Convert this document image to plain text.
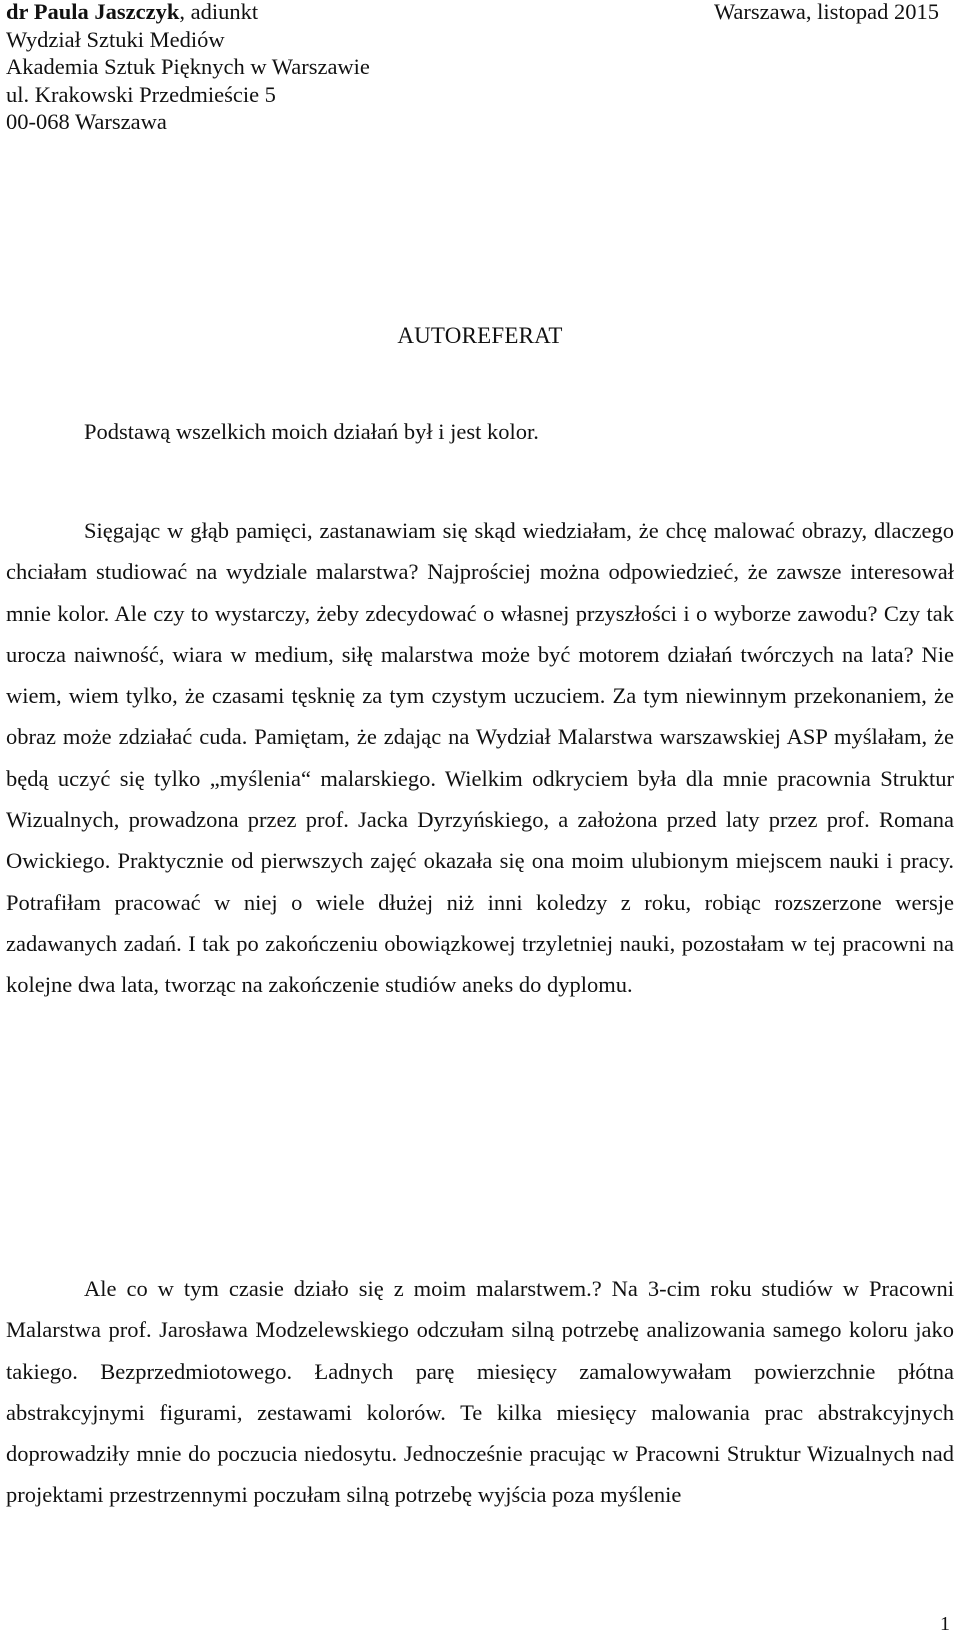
dr Paula Jaszczyk, adiunkt
Wydział Sztuki Mediów
Akademia Sztuk Pięknych w Warszawie
ul. Krakowski Przedmieście 5
00-068 Warszawa
Warszawa, listopad 2015
AUTOREFERAT
Podstawą wszelkich moich działań był i jest kolor.

Sięgając w głąb pamięci, zastanawiam się skąd wiedziałam, że chcę malować obrazy, dlaczego chciałam studiować na wydziale malarstwa? Najprościej można odpowiedzieć, że zawsze interesował mnie kolor. Ale czy to wystarczy, żeby zdecydować o własnej przyszłości i o wyborze zawodu? Czy tak urocza naiwność, wiara w medium, siłę malarstwa może być motorem działań twórczych na lata? Nie wiem, wiem tylko, że czasami tęsknię za tym czystym uczuciem. Za tym niewinnym przekonaniem, że obraz może zdziałać cuda. Pamiętam, że zdając na Wydział Malarstwa warszawskiej ASP myślałam, że będą uczyć się tylko „myślenia“ malarskiego. Wielkim odkryciem była dla mnie pracownia Struktur Wizualnych, prowadzona przez prof. Jacka Dyrzyńskiego, a założona przed laty przez prof. Romana Owickiego. Praktycznie od pierwszych zajęć okazała się ona moim ulubionym miejscem nauki i pracy. Potrafiłam pracować w niej o wiele dłużej niż inni koledzy z roku, robiąc rozszerzone wersje zadawanych zadań. I tak po zakończeniu obowiązkowej trzyletniej nauki, pozostałam w tej pracowni na kolejne dwa lata, tworząc na zakończenie studiów aneks do dyplomu.

Ale co w tym czasie działo się z moim malarstwem.? Na 3-cim roku studiów w Pracowni Malarstwa prof. Jarosława Modzelewskiego odczułam silną potrzebę analizowania samego koloru jako takiego. Bezprzedmiotowego. Ładnych parę miesięcy zamalowywałam powierzchnie płótna abstrakcyjnymi figurami, zestawami kolorów. Te kilka miesięcy malowania prac abstrakcyjnych doprowadziły mnie do poczucia niedosytu. Jednocześnie pracując w Pracowni Struktur Wizualnych nad projektami przestrzennymi poczułam silną potrzebę wyjścia poza myślenie

1
